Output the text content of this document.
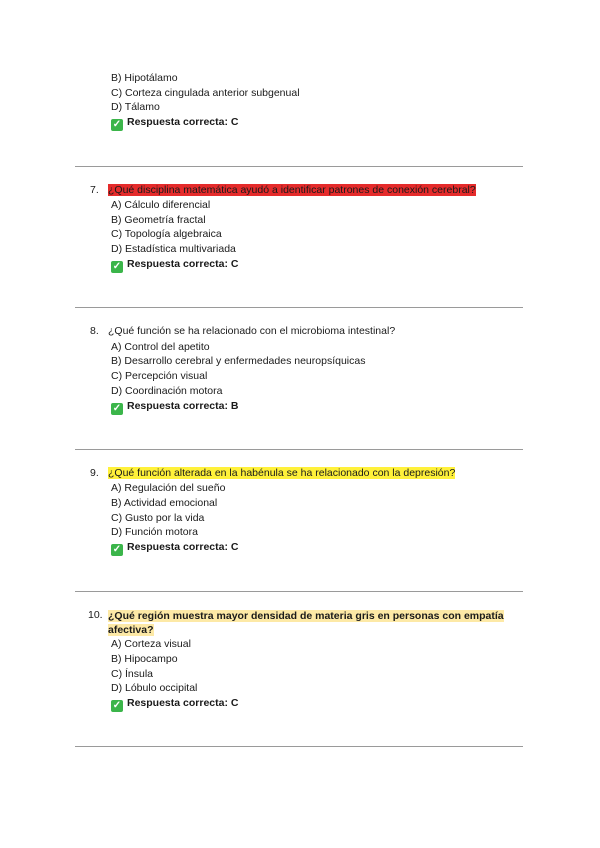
B) Hipotálamo
C) Corteza cingulada anterior subgenual
D) Tálamo
✓ Respuesta correcta: C
7. ¿Qué disciplina matemática ayudó a identificar patrones de conexión cerebral?
A) Cálculo diferencial
B) Geometría fractal
C) Topología algebraica
D) Estadística multivariada
✓ Respuesta correcta: C
8. ¿Qué función se ha relacionado con el microbioma intestinal?
A) Control del apetito
B) Desarrollo cerebral y enfermedades neuropsíquicas
C) Percepción visual
D) Coordinación motora
✓ Respuesta correcta: B
9. ¿Qué función alterada en la habénula se ha relacionado con la depresión?
A) Regulación del sueño
B) Actividad emocional
C) Gusto por la vida
D) Función motora
✓ Respuesta correcta: C
10. ¿Qué región muestra mayor densidad de materia gris en personas con empatía afectiva?
A) Corteza visual
B) Hipocampo
C) Ínsula
D) Lóbulo occipital
✓ Respuesta correcta: C
